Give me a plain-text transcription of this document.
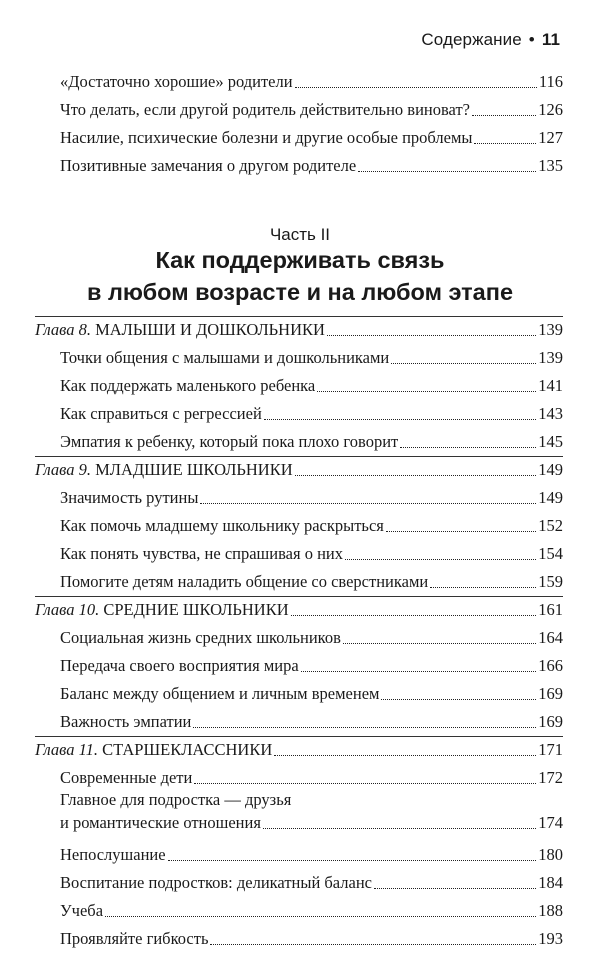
Содержание • 11
«Достаточно хорошие» родители	116
Что делать, если другой родитель действительно виноват?	126
Насилие, психические болезни и другие особые проблемы	127
Позитивные замечания о другом родителе	135
Часть II
Как поддерживать связь
в любом возрасте и на любом этапе
Глава 8. МАЛЫШИ И ДОШКОЛЬНИКИ	139
Точки общения с малышами и дошкольниками	139
Как поддержать маленького ребенка	141
Как справиться с регрессией	143
Эмпатия к ребенку, который пока плохо говорит	145
Глава 9. МЛАДШИЕ ШКОЛЬНИКИ	149
Значимость рутины	149
Как помочь младшему школьнику раскрыться	152
Как понять чувства, не спрашивая о них	154
Помогите детям наладить общение со сверстниками	159
Глава 10. СРЕДНИЕ ШКОЛЬНИКИ	161
Социальная жизнь средних школьников	164
Передача своего восприятия мира	166
Баланс между общением и личным временем	169
Важность эмпатии	169
Глава 11. СТАРШЕКЛАССНИКИ	171
Современные дети	172
Главное для подростка — друзья
и романтические отношения	174
Непослушание	180
Воспитание подростков: деликатный баланс	184
Учеба	188
Проявляйте гибкость	193
